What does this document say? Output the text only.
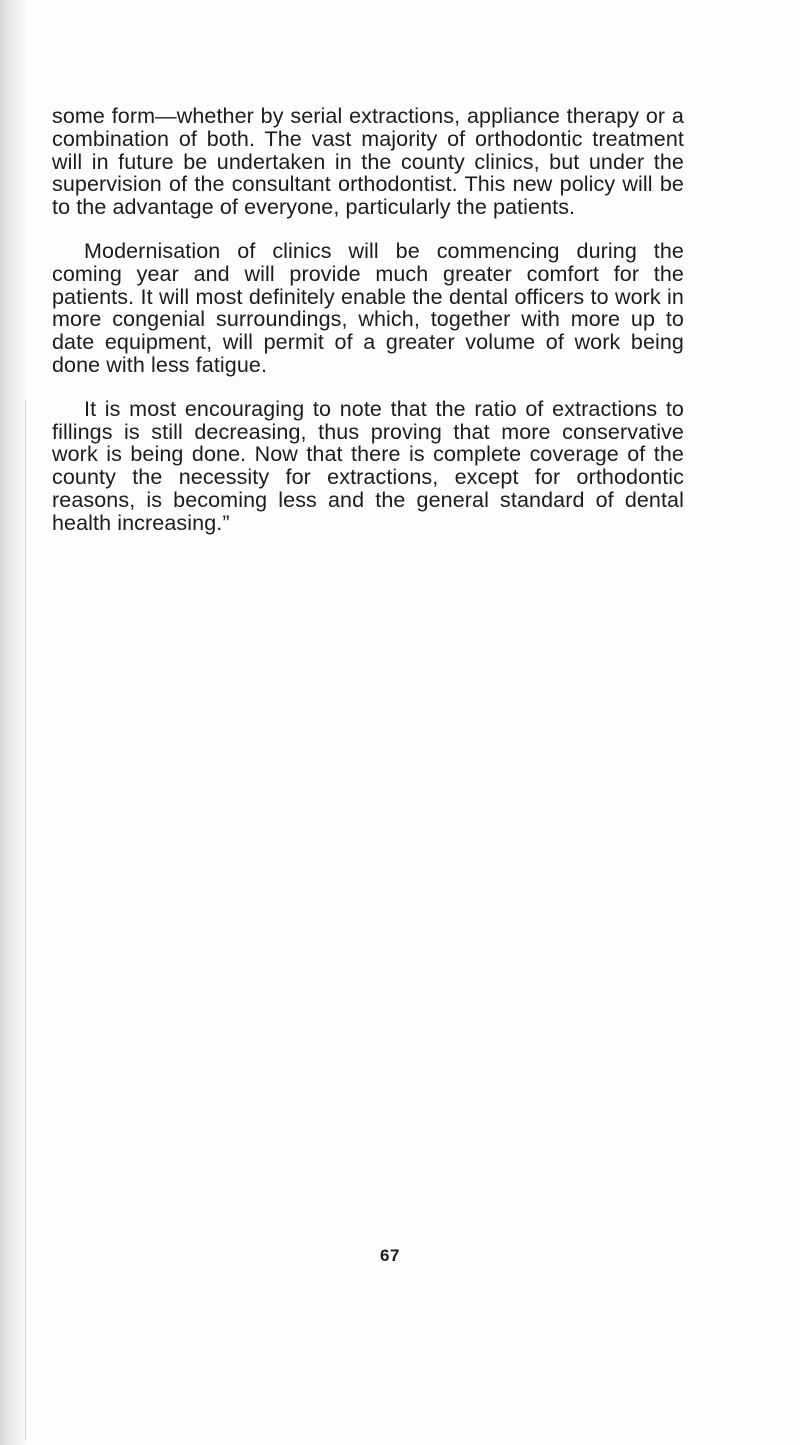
some form—whether by serial extractions, appliance therapy or a combination of both. The vast majority of orthodontic treatment will in future be undertaken in the county clinics, but under the supervision of the consultant orthodontist. This new policy will be to the advantage of everyone, particularly the patients.

Modernisation of clinics will be commencing during the coming year and will provide much greater comfort for the patients. It will most definitely enable the dental officers to work in more congenial surroundings, which, together with more up to date equipment, will permit of a greater volume of work being done with less fatigue.

It is most encouraging to note that the ratio of extractions to fillings is still decreasing, thus proving that more conservative work is being done. Now that there is complete coverage of the county the necessity for extractions, except for orthodontic reasons, is becoming less and the general standard of dental health increasing.”

67
